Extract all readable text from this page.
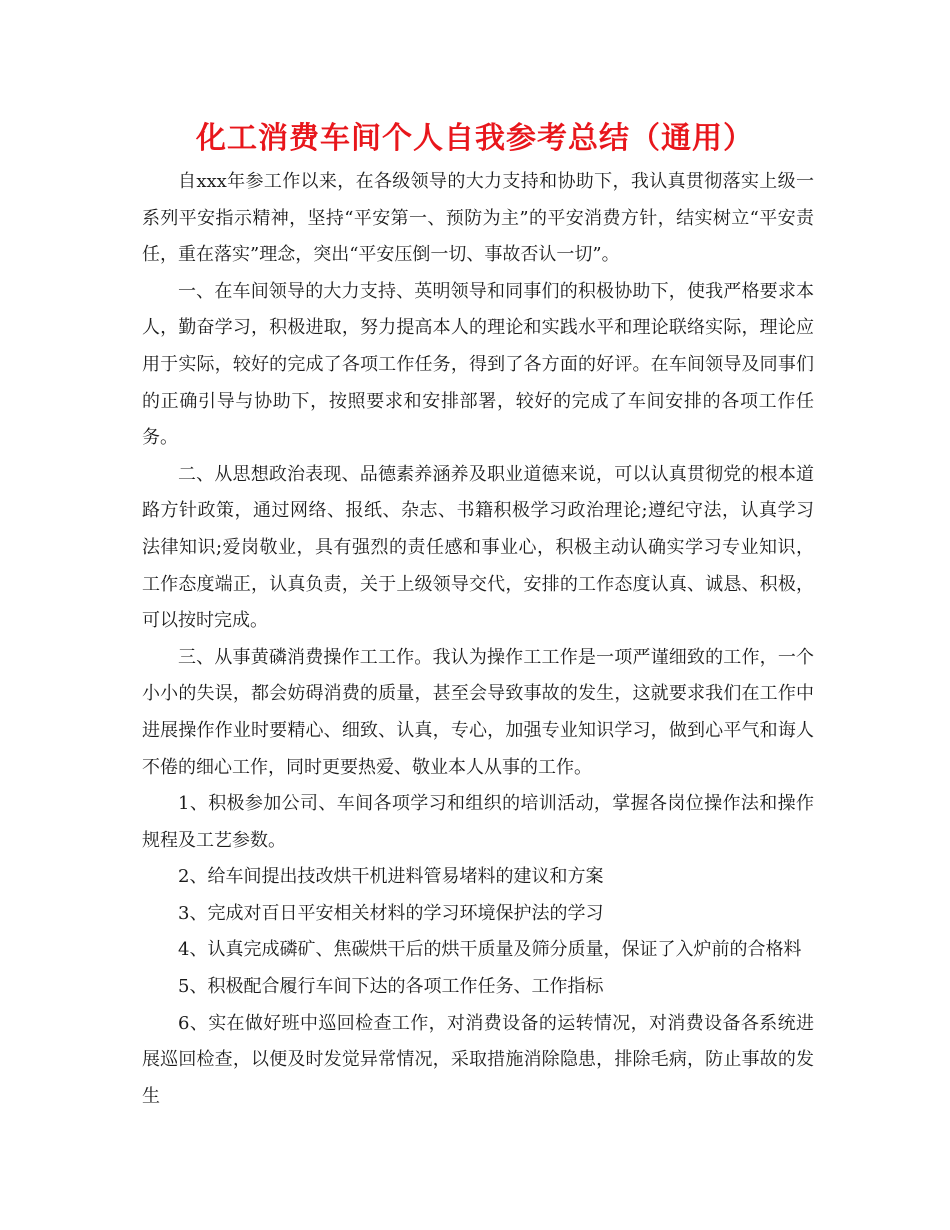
化工消费车间个人自我参考总结（通用）

自xxx年参工作以来，在各级领导的大力支持和协助下，我认真贯彻落实上级一系列平安指示精神，坚持“平安第一、预防为主”的平安消费方针，结实树立“平安责任，重在落实”理念，突出“平安压倒一切、事故否认一切”。

一、在车间领导的大力支持、英明领导和同事们的积极协助下，使我严格要求本人，勤奋学习，积极进取，努力提高本人的理论和实践水平和理论联络实际，理论应用于实际，较好的完成了各项工作任务，得到了各方面的好评。在车间领导及同事们的正确引导与协助下，按照要求和安排部署，较好的完成了车间安排的各项工作任务。

二、从思想政治表现、品德素养涵养及职业道德来说，可以认真贯彻党的根本道路方针政策，通过网络、报纸、杂志、书籍积极学习政治理论;遵纪守法，认真学习法律知识;爱岗敬业，具有强烈的责任感和事业心，积极主动认确实学习专业知识，工作态度端正，认真负责，关于上级领导交代，安排的工作态度认真、诚恳、积极，可以按时完成。

三、从事黄磷消费操作工工作。我认为操作工工作是一项严谨细致的工作，一个小小的失误，都会妨碍消费的质量，甚至会导致事故的发生，这就要求我们在工作中进展操作作业时要精心、细致、认真，专心，加强专业知识学习，做到心平气和诲人不倦的细心工作，同时更要热爱、敬业本人从事的工作。

1、积极参加公司、车间各项学习和组织的培训活动，掌握各岗位操作法和操作规程及工艺参数。

2、给车间提出技改烘干机进料管易堵料的建议和方案

3、完成对百日平安相关材料的学习环境保护法的学习

4、认真完成磷矿、焦碳烘干后的烘干质量及筛分质量，保证了入炉前的合格料

5、积极配合履行车间下达的各项工作任务、工作指标

6、实在做好班中巡回检查工作，对消费设备的运转情况，对消费设备各系统进展巡回检查，以便及时发觉异常情况，采取措施消除隐患，排除毛病，防止事故的发生
